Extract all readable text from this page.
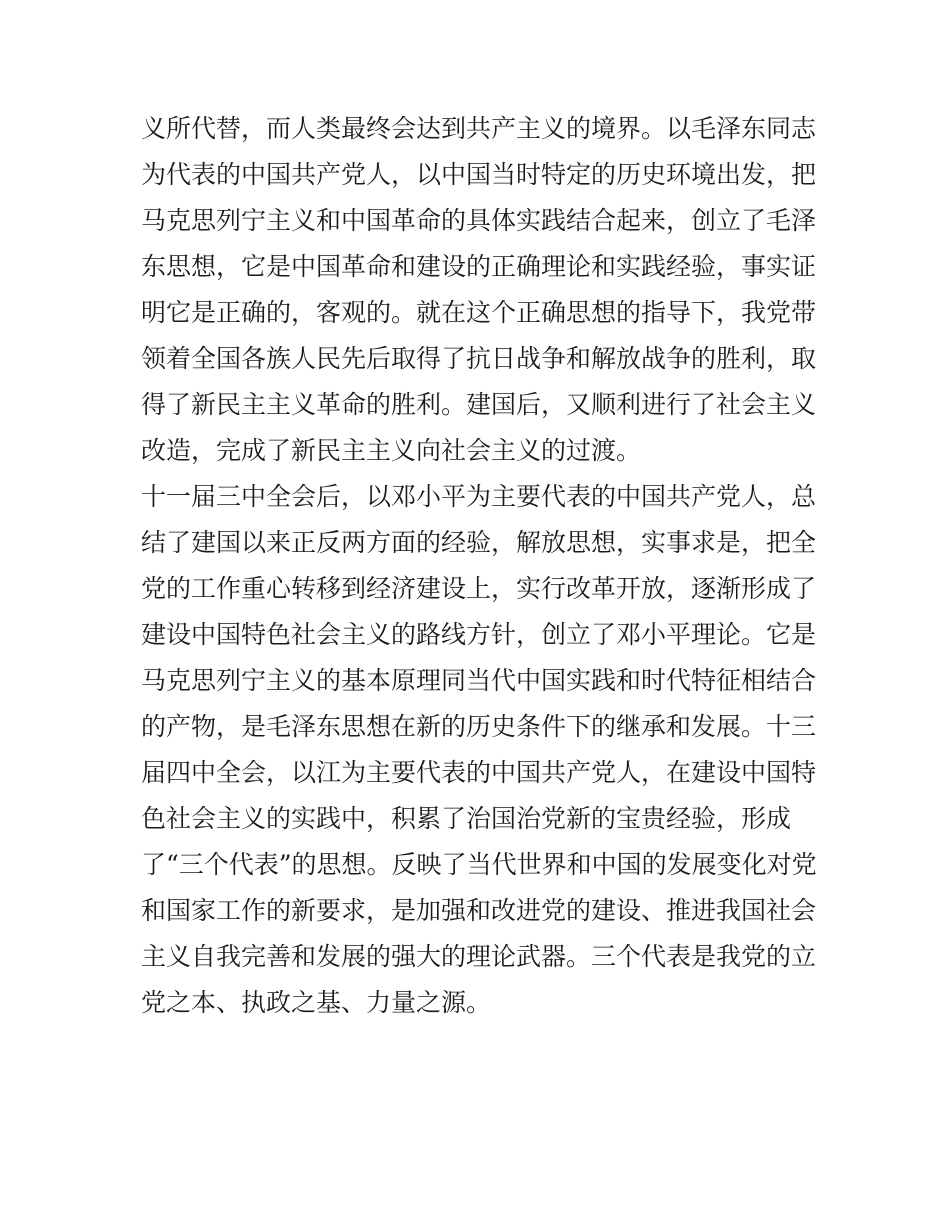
义所代替，而人类最终会达到共产主义的境界。以毛泽东同志
为代表的中国共产党人，以中国当时特定的历史环境出发，把
马克思列宁主义和中国革命的具体实践结合起来，创立了毛泽
东思想，它是中国革命和建设的正确理论和实践经验，事实证
明它是正确的，客观的。就在这个正确思想的指导下，我党带
领着全国各族人民先后取得了抗日战争和解放战争的胜利，取
得了新民主主义革命的胜利。建国后，又顺利进行了社会主义
改造，完成了新民主主义向社会主义的过渡。
十一届三中全会后，以邓小平为主要代表的中国共产党人，总
结了建国以来正反两方面的经验，解放思想，实事求是，把全
党的工作重心转移到经济建设上，实行改革开放，逐渐形成了
建设中国特色社会主义的路线方针，创立了邓小平理论。它是
马克思列宁主义的基本原理同当代中国实践和时代特征相结合
的产物，是毛泽东思想在新的历史条件下的继承和发展。十三
届四中全会，以江为主要代表的中国共产党人，在建设中国特
色社会主义的实践中，积累了治国治党新的宝贵经验，形成
了“三个代表”的思想。反映了当代世界和中国的发展变化对党
和国家工作的新要求，是加强和改进党的建设、推进我国社会
主义自我完善和发展的强大的理论武器。三个代表是我党的立
党之本、执政之基、力量之源。
